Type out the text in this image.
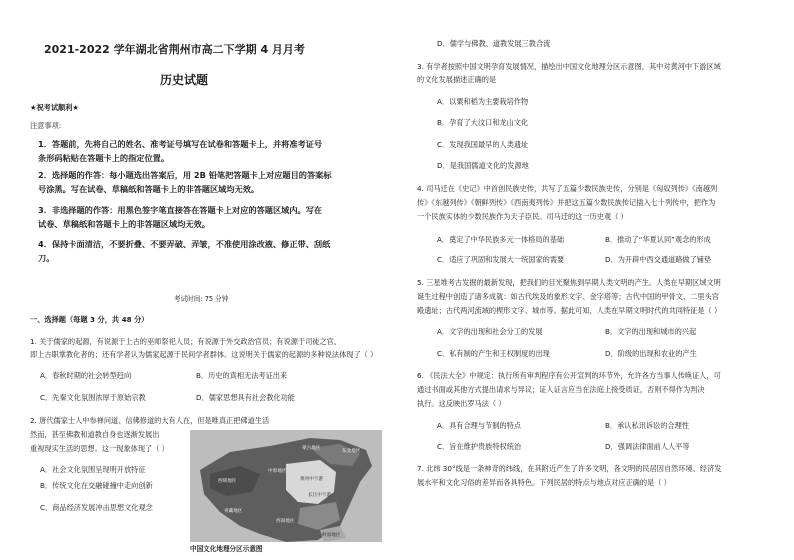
2021-2022 学年湖北省荆州市高二下学期 4 月月考
历史试题
★祝考试顺利★
注意事项:
1．答题前，先将自己的姓名、准考证号填写在试卷和答题卡上，并将准考证号
条形码粘贴在答题卡上的指定位置。
2．选择题的作答：每小题选出答案后，用 2B 铅笔把答题卡上对应题目的答案标
号涂黑。写在试卷、草稿纸和答题卡上的非答题区域均无效。
3．非选择题的作答：用黑色签字笔直接答在答题卡上对应的答题区域内。写在
试卷、草稿纸和答题卡上的非答题区域均无效。
4．保持卡面清洁，不要折叠、不要弄破、弄皱，不准使用涂改液、修正带、刮纸
刀。
考试时间: 75 分钟
一、选择题（每题 3 分，共 48 分）
1. 关于儒家的起源，有说源于上古的巫师祭祀人员；有说源于外交政治官员；有说源于司徒之官，
即上古职掌教化者的；还有学者认为儒家起源于民间学者群体。这说明关于儒家的起源的多种说法体现了（ ）
A．春秋时期的社会转型趋向	B．历史的真相无法考证出来
C．先秦文化氛围浓厚于原始宗教	D．儒家思想具有社会教化功能
2. 唐代儒家士人中参禅问道、信佛修道的大有人在，但是唯真正把佛道生活
然而，甚至佛教和道教自身也逐渐发展出
重视现实生活的思想。这一现象体现了（ ）
A．社会文化氛围呈现明开放特征
B．传统文化在交融碰撞中走向创新
C．商品经济发展冲击思想文化观念
蒙古地区
东北地区
西域地区
中原地区
黄河中下游
长江中下游
青藏地区
西南地区
岭南地区
中国文化地理分区示意图
D．儒学与佛教、道教发展三教合流
3. 有学者按照中国文明孕育发展情况，描绘出中国文化地理分区示意图，其中对黄河中下游区域
的文化发展描述正确的是
A．以粟和稻为主要栽培作物
B．孕育了大汶口和龙山文化
C．发现我国最早的人类遗址
D．是我国儒道文化的发源地
4. 司马迁在《史记》中首创民族史传，共写了五篇少数民族史传，分别是《匈奴列传》《南越列
传》《东越列传》《朝鲜列传》《西南夷列传》并把这五篇少数民族传记插入七十列传中，把作为
一个民族实体的少数民族作为天子臣民。司马迁的这一历史观（ ）
A．奠定了中华民族多元一体格局的基础	B．推动了“华夏认同”观念的形成
C．适应了巩固和发展大一统国家的需要	D．为开辟中西交通道路做了铺垫
5. 三星堆考古发掘的最新发现，把我们的目光聚焦到早期人类文明的产生。人类在早期区域文明
诞生过程中创造了诸多成就：如古代埃及的象形文字、金字塔等；古代中国的甲骨文、二里头宫
殿遗址；古代两河流域的楔形文字、城市等。据此可知，人类在早期文明时代的共同特征是（ ）
A．文字的出现和社会分工的发展	B．文字的出现和城市的兴起
C．私有制的产生和王权制度的出现	D．阶级的出现和农业的产生
6. 《民法大全》中规定：执行所有审判程序有公开宣判的环节外，允许各方当事人传唤证人，可
通过书面或其他方式提出请求与异议；证人证言应当在法庭上接受质证，否则不得作为判决
执行。这反映出罗马法（ ）
A．具有合理与节制的特点	B．承认私讯诉讼的合理性
C．旨在维护贵族特权统治	D．强调法律面前人人平等
7. 北纬 30°线是一条神奇的纬线，在其附近产生了许多文明，各文明的民居因自然环境、经济发
展水平和文化习俗的差异而各具特色。下列民居的特点与地点对应正确的是（ ）
